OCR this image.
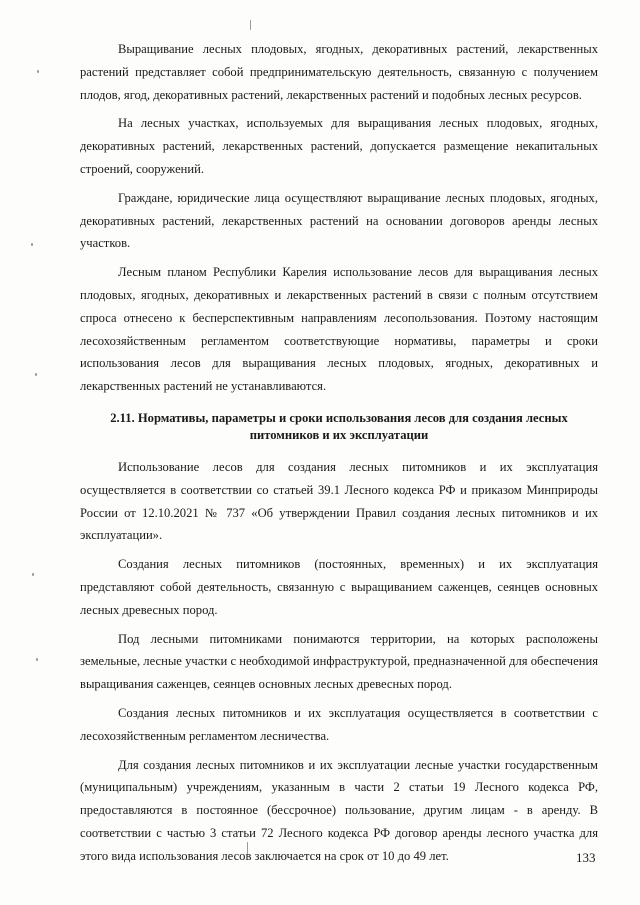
Выращивание лесных плодовых, ягодных, декоративных растений, лекарственных растений представляет собой предпринимательскую деятельность, связанную с получением плодов, ягод, декоративных растений, лекарственных растений и подобных лесных ресурсов.

На лесных участках, используемых для выращивания лесных плодовых, ягодных, декоративных растений, лекарственных растений, допускается размещение некапитальных строений, сооружений.

Граждане, юридические лица осуществляют выращивание лесных плодовых, ягодных, декоративных растений, лекарственных растений на основании договоров аренды лесных участков.

Лесным планом Республики Карелия использование лесов для выращивания лесных плодовых, ягодных, декоративных и лекарственных растений в связи с полным отсутствием спроса отнесено к бесперспективным направлениям лесопользования. Поэтому настоящим лесохозяйственным регламентом соответствующие нормативы, параметры и сроки использования лесов для выращивания лесных плодовых, ягодных, декоративных и лекарственных растений не устанавливаются.

2.11. Нормативы, параметры и сроки использования лесов для создания лесных питомников и их эксплуатации

Использование лесов для создания лесных питомников и их эксплуатация осуществляется в соответствии со статьей 39.1 Лесного кодекса РФ и приказом Минприроды России от 12.10.2021 № 737 «Об утверждении Правил создания лесных питомников и их эксплуатации».

Создания лесных питомников (постоянных, временных) и их эксплуатация представляют собой деятельность, связанную с выращиванием саженцев, сеянцев основных лесных древесных пород.

Под лесными питомниками понимаются территории, на которых расположены земельные, лесные участки с необходимой инфраструктурой, предназначенной для обеспечения выращивания саженцев, сеянцев основных лесных древесных пород.

Создания лесных питомников и их эксплуатация осуществляется в соответствии с лесохозяйственным регламентом лесничества.

Для создания лесных питомников и их эксплуатации лесные участки государственным (муниципальным) учреждениям, указанным в части 2 статьи 19 Лесного кодекса РФ, предоставляются в постоянное (бессрочное) пользование, другим лицам - в аренду. В соответствии с частью 3 статьи 72 Лесного кодекса РФ договор аренды лесного участка для этого вида использования лесов заключается на срок от 10 до 49 лет.	133
